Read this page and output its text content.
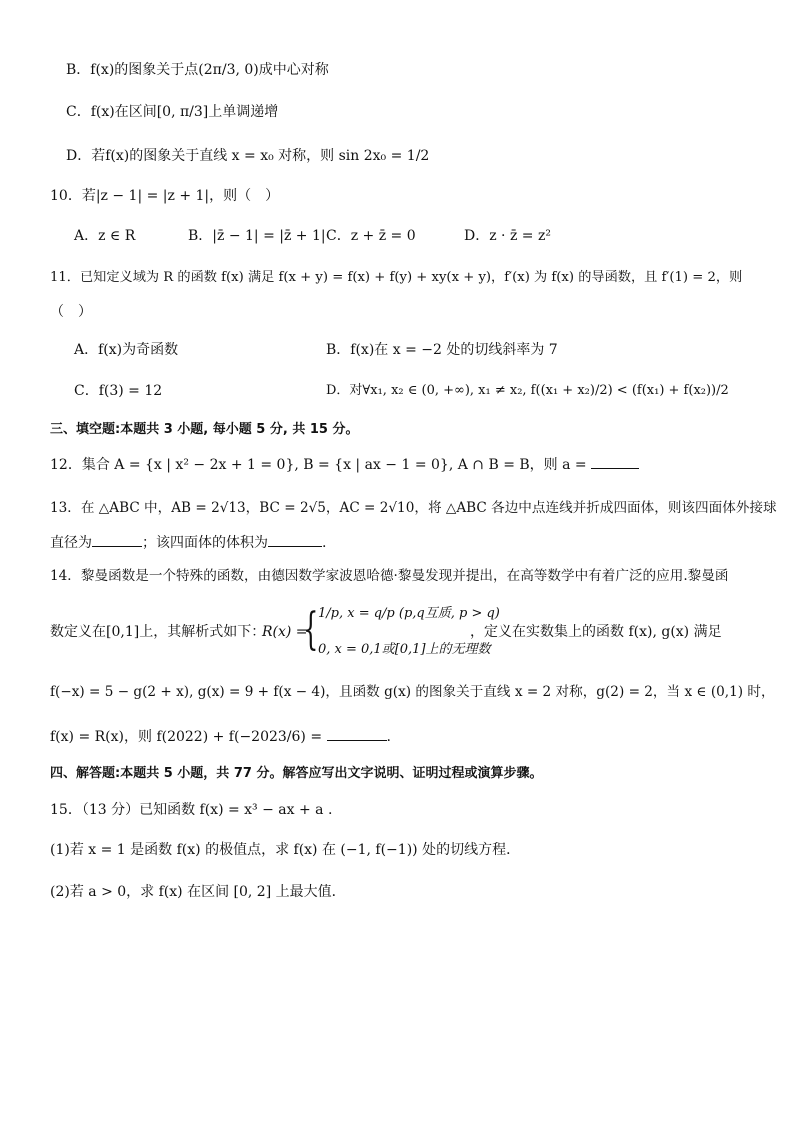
B．f(x)的图象关于点(2π/3, 0)成中心对称
C．f(x)在区间[0, π/3]上单调递增
D．若f(x)的图象关于直线 x = x₀ 对称，则 sin 2x₀ = 1/2
10．若|z − 1| = |z + 1|，则（　）
A．z ∈ R	B．|z̄ − 1| = |z̄ + 1| C．z + z̄ = 0	D．z · z̄ = z²
11．已知定义域为 R 的函数 f(x) 满足 f(x + y) = f(x) + f(y) + xy(x + y)，f′(x) 为 f(x) 的导函数，且 f′(1) = 2，则
（　）
A．f(x)为奇函数	B．f(x)在 x = −2 处的切线斜率为 7
C．f(3) = 12	D．对∀x₁, x₂ ∈ (0, +∞), x₁ ≠ x₂, f((x₁ + x₂)/2) < (f(x₁) + f(x₂))/2
三、填空题:本题共 3 小题, 每小题 5 分, 共 15 分。
12．集合 A = {x | x² − 2x + 1 = 0}, B = {x | ax − 1 = 0}, A ∩ B = B，则 a =
13．在 △ABC 中，AB = 2√13，BC = 2√5，AC = 2√10，将 △ABC 各边中点连线并折成四面体，则该四面体外接球
直径为	；该四面体的体积为	.
14．黎曼函数是一个特殊的函数，由德因数学家波恩哈德·黎曼发现并提出，在高等数学中有着广泛的应用.黎曼函
数定义在[0,1]上，其解析式如下：
R(x) =
{ 1/p, x = q/p (p,q互质, p > q)
0, x = 0,1或[0,1]上的无理数
，定义在实数集上的函数 f(x), g(x) 满足
f(−x) = 5 − g(2 + x), g(x) = 9 + f(x − 4)，且函数 g(x) 的图象关于直线 x = 2 对称，g(2) = 2，当 x ∈ (0,1) 时，
f(x) = R(x)，则 f(2022) + f(−2023/6) =	.
四、解答题:本题共 5 小题，共 77 分。解答应写出文字说明、证明过程或演算步骤。
15．（13 分）已知函数 f(x) = x³ − ax + a .
(1)若 x = 1 是函数 f(x) 的极值点，求 f(x) 在 (−1, f(−1)) 处的切线方程．
(2)若 a > 0，求 f(x) 在区间 [0, 2] 上最大值．
